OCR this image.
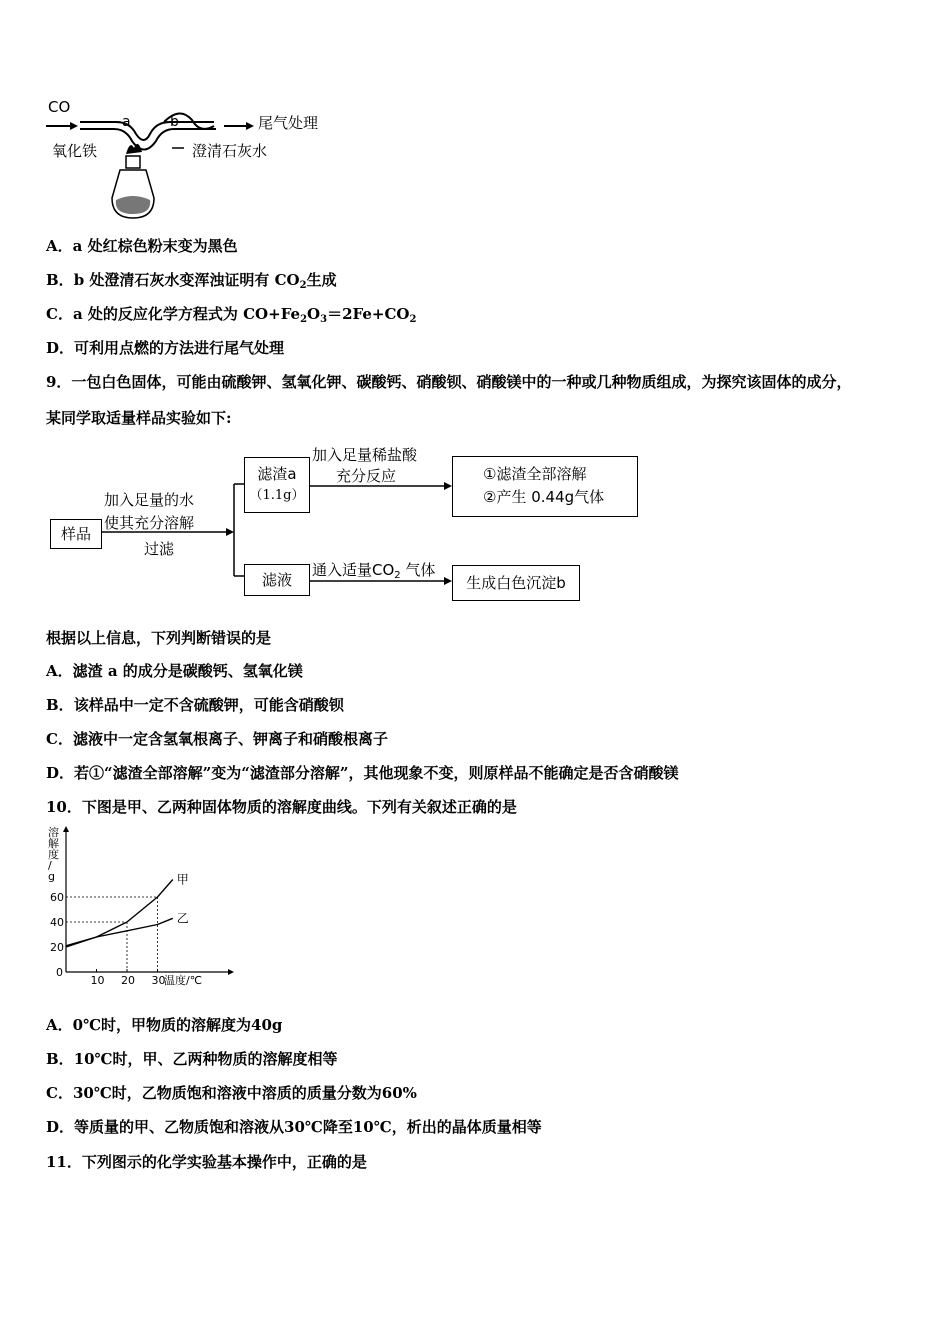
CO
a	b	尾气处理
氧化铁	澄清石灰水
A．a 处红棕色粉末变为黑色
B．b 处澄清石灰水变浑浊证明有 $CO_2$生成
C．a 处的反应化学方程式为 $CO+Fe_2O_3=2Fe+CO_2$
D．可利用点燃的方法进行尾气处理
9．一包白色固体，可能由硫酸钾、氢氧化钾、碳酸钙、硝酸钡、硝酸镁中的一种或几种物质组成，为探究该固体的成分，
某同学取适量样品实验如下:
样品
加入足量的水
使其充分溶解
过滤
滤渣a
（1.1g）
加入足量稀盐酸
充分反应	①滤渣全部溶解
②产生 0.44g气体
滤液
通入适量$CO_2$ 气体
生成白色沉淀b
根据以上信息，下列判断错误的是
A．滤渣 a 的成分是碳酸钙、氢氧化镁
B．该样品中一定不含硫酸钾，可能含硝酸钡
C．滤液中一定含氢氧根离子、钾离子和硝酸根离子
D．若①“滤渣全部溶解”变为“滤渣部分溶解”，其他现象不变，则原样品不能确定是否含硝酸镁
10．下图是甲、乙两种固体物质的溶解度曲线。下列有关叙述正确的是
溶
解
度
/
g
温度/℃
0
20
40
60
10 20 30
甲
乙
A．0℃时，甲物质的溶解度为40g
B．10℃时，甲、乙两种物质的溶解度相等
C．30℃时，乙物质饱和溶液中溶质的质量分数为60%
D．等质量的甲、乙物质饱和溶液从30℃降至10℃，析出的晶体质量相等
11．下列图示的化学实验基本操作中，正确的是
